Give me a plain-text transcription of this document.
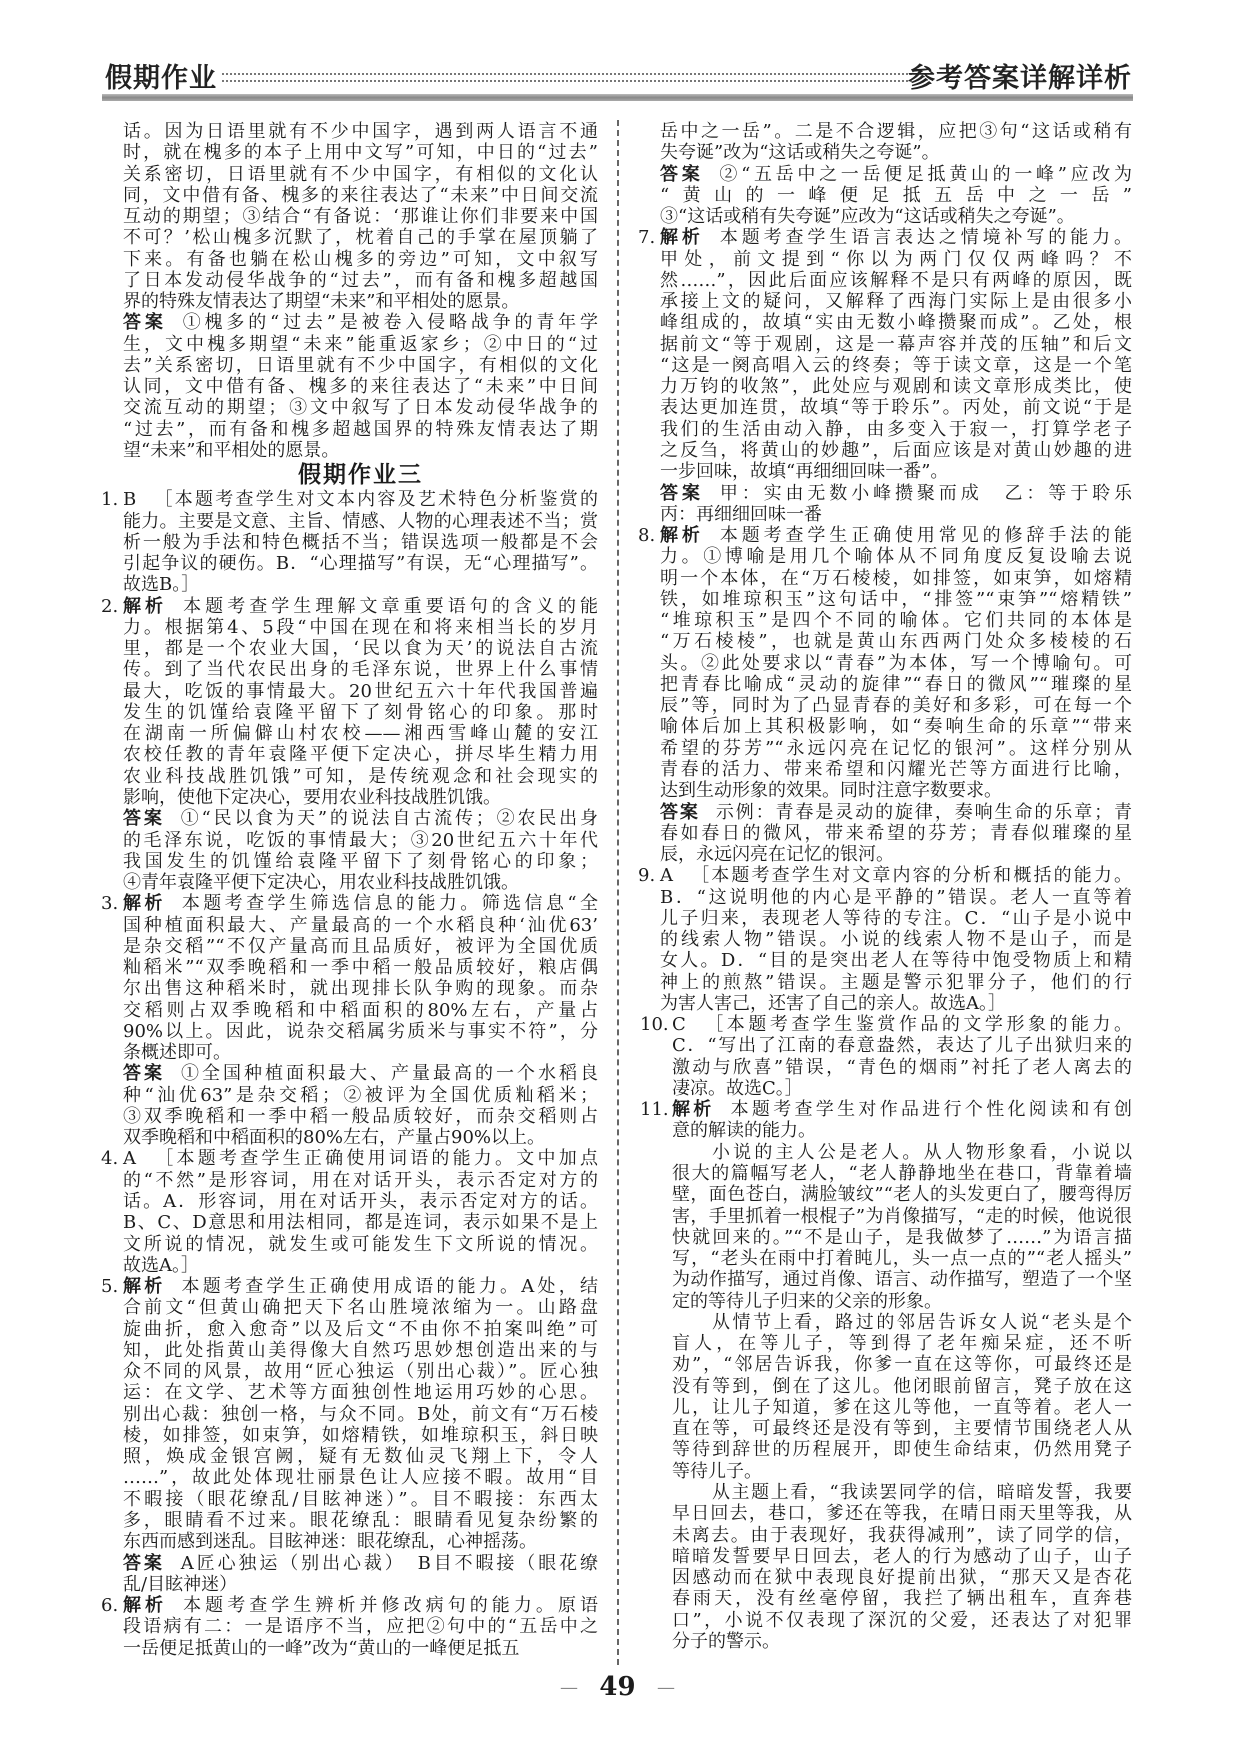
假期作业	参考答案详解详析
话。因为日语里就有不少中国字，遇到两人语言不通
时，就在槐多的本子上用中文写”可知，中日的“过去”
关系密切，日语里就有不少中国字，有相似的文化认
同，文中借有备、槐多的来往表达了“未来”中日间交流
互动的期望；③结合“有备说：‘那谁让你们非要来中国
不可？’松山槐多沉默了，枕着自己的手掌在屋顶躺了
下来。有备也躺在松山槐多的旁边”可知，文中叙写
了日本发动侵华战争的“过去”，而有备和槐多超越国
界的特殊友情表达了期望“未来”和平相处的愿景。
答案 ①槐多的“过去”是被卷入侵略战争的青年学
生，文中槐多期望“未来”能重返家乡；②中日的“过
去”关系密切，日语里就有不少中国字，有相似的文化
认同，文中借有备、槐多的来往表达了“未来”中日间
交流互动的期望；③文中叙写了日本发动侵华战争的
“过去”，而有备和槐多超越国界的特殊友情表达了期
望“未来”和平相处的愿景。
假期作业三
1. B ［本题考查学生对文本内容及艺术特色分析鉴赏的
能力。主要是文意、主旨、情感、人物的心理表述不当；赏
析一般为手法和特色概括不当；错误选项一般都是不会
引起争议的硬伤。B．“心理描写”有误，无“心理描写”。
故选B。］
2. 解析 本题考查学生理解文章重要语句的含义的能
力。根据第4、5段“中国在现在和将来相当长的岁月
里，都是一个农业大国，‘民以食为天’的说法自古流
传。到了当代农民出身的毛泽东说，世界上什么事情
最大，吃饭的事情最大。20世纪五六十年代我国普遍
发生的饥馑给袁隆平留下了刻骨铭心的印象。那时
在湖南一所偏僻山村农校——湘西雪峰山麓的安江
农校任教的青年袁隆平便下定决心，拼尽毕生精力用
农业科技战胜饥饿”可知，是传统观念和社会现实的
影响，使他下定决心，要用农业科技战胜饥饿。
答案 ①“民以食为天”的说法自古流传；②农民出身
的毛泽东说，吃饭的事情最大；③20世纪五六十年代
我国发生的饥馑给袁隆平留下了刻骨铭心的印象；
④青年袁隆平便下定决心，用农业科技战胜饥饿。
3. 解析 本题考查学生筛选信息的能力。筛选信息“全
国种植面积最大、产量最高的一个水稻良种‘汕优63’
是杂交稻”“不仅产量高而且品质好，被评为全国优质
籼稻米”“双季晚稻和一季中稻一般品质较好，粮店偶
尔出售这种稻米时，就出现排长队争购的现象。而杂
交稻则占双季晚稻和中稻面积的80%左右，产量占
90%以上。因此，说杂交稻属劣质米与事实不符”，分
条概述即可。
答案 ①全国种植面积最大、产量最高的一个水稻良
种“汕优63”是杂交稻；②被评为全国优质籼稻米；
③双季晚稻和一季中稻一般品质较好，而杂交稻则占
双季晚稻和中稻面积的80%左右，产量占90%以上。
4. A ［本题考查学生正确使用词语的能力。文中加点
的“不然”是形容词，用在对话开头，表示否定对方的
话。A．形容词，用在对话开头，表示否定对方的话。
B、C、D意思和用法相同，都是连词，表示如果不是上
文所说的情况，就发生或可能发生下文所说的情况。
故选A。］
5. 解析 本题考查学生正确使用成语的能力。A处，结
合前文“但黄山确把天下名山胜境浓缩为一。山路盘
旋曲折，愈入愈奇”以及后文“不由你不拍案叫绝”可
知，此处指黄山美得像大自然巧思妙想创造出来的与
众不同的风景，故用“匠心独运（别出心裁）”。匠心独
运：在文学、艺术等方面独创性地运用巧妙的心思。
别出心裁：独创一格，与众不同。B处，前文有“万石棱
棱，如排签，如束笋，如熔精铁，如堆琼积玉，斜日映
照，焕成金银宫阙，疑有无数仙灵飞翔上下，令人
……”，故此处体现壮丽景色让人应接不暇。故用“目
不暇接（眼花缭乱/目眩神迷）”。目不暇接：东西太
多，眼睛看不过来。眼花缭乱：眼睛看见复杂纷繁的
东西而感到迷乱。目眩神迷：眼花缭乱，心神摇荡。
答案 A匠心独运（别出心裁）　B目不暇接（眼花缭
乱/目眩神迷）
6. 解析 本题考查学生辨析并修改病句的能力。原语
段语病有二：一是语序不当，应把②句中的“五岳中之
一岳便足抵黄山的一峰”改为“黄山的一峰便足抵五
岳中之一岳”。二是不合逻辑，应把③句“这话或稍有
失夸诞”改为“这话或稍失之夸诞”。
答案 ②“五岳中之一岳便足抵黄山的一峰”应改为
“黄山的一峰便足抵五岳中之一岳”
③“这话或稍有失夸诞”应改为“这话或稍失之夸诞”。
7. 解析 本题考查学生语言表达之情境补写的能力。
甲处，前文提到“你以为两门仅仅两峰吗？不
然……”，因此后面应该解释不是只有两峰的原因，既
承接上文的疑问，又解释了西海门实际上是由很多小
峰组成的，故填“实由无数小峰攒聚而成”。乙处，根
据前文“等于观剧，这是一幕声容并茂的压轴”和后文
“这是一阕高唱入云的终奏；等于读文章，这是一个笔
力万钧的收煞”，此处应与观剧和读文章形成类比，使
表达更加连贯，故填“等于聆乐”。丙处，前文说“于是
我们的生活由动入静，由多变入于寂一，打算学老子
之反刍，将黄山的妙趣”，后面应该是对黄山妙趣的进
一步回味，故填“再细细回味一番”。
答案 甲：实由无数小峰攒聚而成　乙：等于聆乐
丙：再细细回味一番
8. 解析 本题考查学生正确使用常见的修辞手法的能
力。①博喻是用几个喻体从不同角度反复设喻去说
明一个本体，在“万石棱棱，如排签，如束笋，如熔精
铁，如堆琼积玉”这句话中，“排签”“束笋”“熔精铁”
“堆琼积玉”是四个不同的喻体。它们共同的本体是
“万石棱棱”，也就是黄山东西两门处众多棱棱的石
头。②此处要求以“青春”为本体，写一个博喻句。可
把青春比喻成“灵动的旋律”“春日的微风”“璀璨的星
辰”等，同时为了凸显青春的美好和多彩，可在每一个
喻体后加上其积极影响，如“奏响生命的乐章”“带来
希望的芬芳”“永远闪亮在记忆的银河”。这样分别从
青春的活力、带来希望和闪耀光芒等方面进行比喻，
达到生动形象的效果。同时注意字数要求。
答案 示例：青春是灵动的旋律，奏响生命的乐章；青
春如春日的微风，带来希望的芬芳；青春似璀璨的星
辰，永远闪亮在记忆的银河。
9. A ［本题考查学生对文章内容的分析和概括的能力。
B．“这说明他的内心是平静的”错误。老人一直等着
儿子归来，表现老人等待的专注。C．“山子是小说中
的线索人物”错误。小说的线索人物不是山子，而是
女人。D．“目的是突出老人在等待中饱受物质上和精
神上的煎熬”错误。主题是警示犯罪分子，他们的行
为害人害己，还害了自己的亲人。故选A。］
10. C ［本题考查学生鉴赏作品的文学形象的能力。
C．“写出了江南的春意盎然，表达了儿子出狱归来的
激动与欣喜”错误，“青色的烟雨”衬托了老人离去的
凄凉。故选C。］
11. 解析 本题考查学生对作品进行个性化阅读和有创
意的解读的能力。
小说的主人公是老人。从人物形象看，小说以
很大的篇幅写老人，“老人静静地坐在巷口，背靠着墙
壁，面色苍白，满脸皱纹”“老人的头发更白了，腰弯得厉
害，手里抓着一根棍子”为肖像描写，“走的时候，他说很
快就回来的。”“不是山子，是我做梦了……”为语言描
写，“老头在雨中打着盹儿，头一点一点的”“老人摇头”
为动作描写，通过肖像、语言、动作描写，塑造了一个坚
定的等待儿子归来的父亲的形象。
从情节上看，路过的邻居告诉女人说“老头是个
盲人，在等儿子，等到得了老年痴呆症，还不听
劝”，“邻居告诉我，你爹一直在这等你，可最终还是
没有等到，倒在了这儿。他闭眼前留言，凳子放在这
儿，让儿子知道，爹在这儿等他，一直等着。老人一
直在等，可最终还是没有等到，主要情节围绕老人从
等待到辞世的历程展开，即使生命结束，仍然用凳子
等待儿子。
从主题上看，“我读罢同学的信，暗暗发誓，我要
早日回去，巷口，爹还在等我，在晴日雨天里等我，从
未离去。由于表现好，我获得减刑”，读了同学的信，
暗暗发誓要早日回去，老人的行为感动了山子，山子
因感动而在狱中表现良好提前出狱，“那天又是杏花
春雨天，没有丝毫停留，我拦了辆出租车，直奔巷
口”，小说不仅表现了深沉的父爱，还表达了对犯罪
分子的警示。
— 49 —
